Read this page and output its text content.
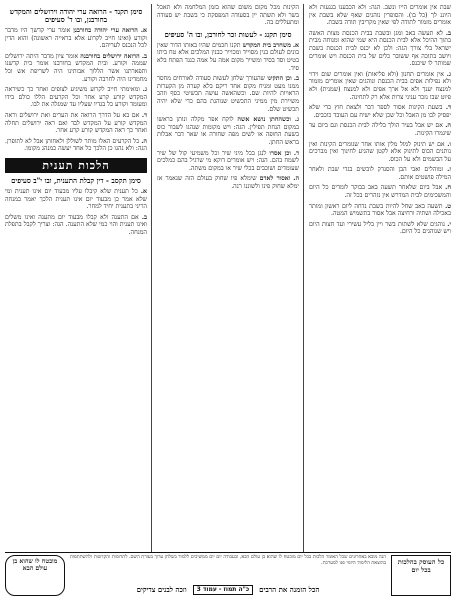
שבת אין אומרים הייו ונשב. הגה: ולא הכבענו בגנעות ולא היוננ לך (כל בו). והסופרין נוהגים שאף שלא בשבת אין אומרים מזמור לתודה לפי שאין מקריבין תודה בשבת.
ב. לא תעשה באב ומגן ובשבת בבית הכנסת מצות האשה בתוך ההיכל אלא לבית הכנסת היא שמי שהוא ומנוחה מבית ישראל בלי צורך הגה: ולכן לא יכנס לבית הכנסת בשבת ויושב בתוכה אף ששובר כלים של בית הכנסת ויש אומרים שמותר לו שיכנס.
ג. אין אומרים תחנון (ולא פליאות) ואין אומרים שום וידוי ולא נפילות אפים בבית הכנסת ונוהגים שאין אומרים מזמור למנצח יענך ולא אל ארך אפים ולא למנצח (שמנית) ולא פיוט שבו נזכר עניני צרות אלא רק לתחינה.
ד. בשעת הקינות אסור לספר דבר ולצאת חוץ כדי שלא יפסיק לבו מן האבל וכל שכן שלא ישיח עם העובד כוכבים.
ה. אם יש אבל בעיר הולך בלילה לבית הכנסת וגם ביום עד שיגמרו הקינות.
ו. אם יש תינוק למול מלין אותו אחר שגומרים הקינות ואין נותנים הכוס לתינוק אלא לקטן שהגיע לחינוך ואין מברכים על הבשמים ולא על הכוס.
ז. ומוהלים ואבי הבן והסנדק לובשים בגדי שבת ולאחר המילה פושטים אותם.
ח. אבל ביום שלאחר תשעה באב בבוקר לומדים כל היום והמשכימים לבית המדרש אין נזהרים בכל זה.
ט. תשעה באב שחל להיות בשבת נדחה ליום ראשון ומותר באכילה ושתיה ורחיצה אבל אסור בתשמיש המטה.
י. נוהגים שלא לשתות בשר ויין בליל עשירי ועד חצות היום ויש שנוהגים כל היום.
הקינות מכל מקום משום שהוא בזמן המלחמה ולא תאכל בשר ולא תשתה יין בסעודה המפסקת כי בשבת יש סעודה ומתעללים בה.
סימן תקנג - לעשות זכר לחורבן, ובו ה' סעיפים
א. משחרב בית המקדש תקנו חכמים שהיו באותו הדור שאין בונים לעולם בנין מסוייד ומכוייר כבנין המלכים אלא טח ביתו בטיט וסד בסיד ומשייר מקום אמה על אמה כנגד הפתח בלא סיד.
ב. וכן התקינו שהעורך שלחן לעשות סעודה לאורחים מחסר ממנו מעט ומניח מקום אחד ריקם בלא קערה מן הקערות הראויות להיות שם. וכשהאשה עושה תכשיטי כסף וזהב משיירת מין ממיני התכשיט שנוהגת בהם כדי שלא יהיה תכשיט שלם.
ג. וכשהחתן נושא אשה לוקח אפר מקלה ונותן בראשו במקום הנחת תפילין. הגה: ויש מקומות שנהגו לשבור כוס בשעת החופה או לשים מפה שחורה או שאר דבר אבלות בראש החתן.
ד. וכן אסרו לנגן בכל מיני שיר וכל משמיעי קול של שיר לשמח בהם. הגה: ויש אומרים דוקא מי שרגיל בהם כמלכים שעומדים ושוכבים בכלי שיר או במקום משתה.
ה. ואסור לאדם שימלא פיו שחוק בעולם הזה שנאמר אז ימלא שחוק פינו ולשוננו רנה.
סימן תקנד - הרואה ערי יהודה וירושלים והמקדש בחורבנן, ובו ד' סעיפים
א. הרואה ערי יהודה בחורבנן אומר ערי קדשך היו מדבר וקורע (ואינו חייב לקרוע אלא בראייה ראשונה) והוא הדין לכל הנכנס לעריהם.
ב. הרואה ירושלים בחורבנה אומר ציון מדבר היתה ירושלים שממה וקורע. ובית המקדש בחורבנו אומר בית קדשנו ותפארתנו אשר הללוך אבותינו היה לשריפת אש וכל מחמדינו היה לחרבה וקורע.
ג. ומאימתי חייב לקרוע משיגיע לצופים ואחר כך כשיראה המקדש קורע קרע אחר וכל הקרעים הללו כולם בידו ומעומד וקורע כל בגדיו שעליו עד שמגלה את לבו.
ד. אם בא על הדרך הרואה את הערים ואת ירושלים וראה המקדש קורע על המקדש לבד ואם ראה ירושלים תחלה ואחר כך ראה המקדש קורע קרע אחר.
ה. כל הקרעים האלו מותר לשוללן ולאחותן אבל לא לתופרן. הגה: ולא נהגו כן הלכך כל אחד יעשה כמנהג מקומו.
הלכות תענית
סימן תקסב - דין קבלת התענית, ובו י"ב סעיפים
א. כל תענית שלא קיבלו עליו מבעוד יום אינו תענית ומי שלא אמר כן מבעוד יום אינו תענית הלכך יאמר במנחה הריני בתענית יחיד למחר.
ב. אם התענה ולא קבלו מבעוד יום מתענה ואינו משלים ואינו תענית והוי כמי שלא התענה. הגה: וצריך לקבל בתפלת המנחה.
כל העוסק בהלכות בכל יום
הנה מובא באחרונים שכל האומר הלכות בכל יום מובטח לו שהוא בן עולם הבא, ובעבודה יום יום ממשיכים ללמוד בשלחן ערוך בעזרת השם. לתרומות והקדשות ולהשתתפות בהוצאת הלימוד היומי פנו למערכת.
הכל הזמנה את הרבים
כ"ה תמוז - עמוד 3
וזכה לבנים צדיקים
מובטח לו שהוא בן עולם הבא
